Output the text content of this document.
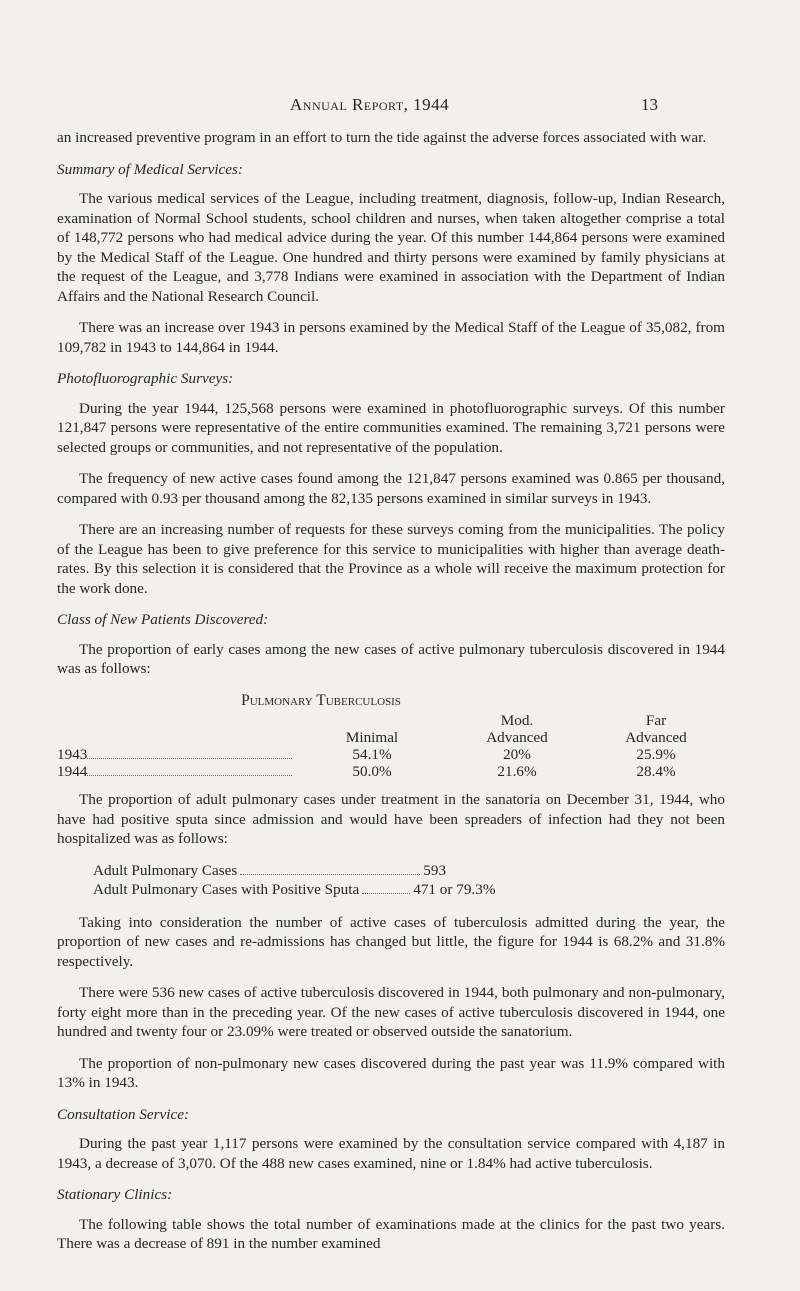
Annual Report, 1944	13

an increased preventive program in an effort to turn the tide against the adverse forces associated with war.

Summary of Medical Services:

The various medical services of the League, including treatment, diagnosis, follow-up, Indian Research, examination of Normal School students, school children and nurses, when taken altogether comprise a total of 148,772 persons who had medical advice during the year. Of this number 144,864 persons were examined by the Medical Staff of the League. One hundred and thirty persons were examined by family physicians at the request of the League, and 3,778 Indians were examined in association with the Department of Indian Affairs and the National Research Council.

There was an increase over 1943 in persons examined by the Medical Staff of the League of 35,082, from 109,782 in 1943 to 144,864 in 1944.

Photofluorographic Surveys:

During the year 1944, 125,568 persons were examined in photofluorographic surveys. Of this number 121,847 persons were representative of the entire communities examined. The remaining 3,721 persons were selected groups or communities, and not representative of the population.

The frequency of new active cases found among the 121,847 persons examined was 0.865 per thousand, compared with 0.93 per thousand among the 82,135 persons examined in similar surveys in 1943.

There are an increasing number of requests for these surveys coming from the municipalities. The policy of the League has been to give preference for this service to municipalities with higher than average death-rates. By this selection it is considered that the Province as a whole will receive the maximum protection for the work done.

Class of New Patients Discovered:

The proportion of early cases among the new cases of active pulmonary tuberculosis discovered in 1944 was as follows:

Pulmonary Tuberculosis
		Mod.	Far
	Minimal	Advanced	Advanced
1943	54.1%	20%	25.9%
1944	50.0%	21.6%	28.4%

The proportion of adult pulmonary cases under treatment in the sanatoria on December 31, 1944, who have had positive sputa since admission and would have been spreaders of infection had they not been hospitalized was as follows:

Adult Pulmonary Cases	593
Adult Pulmonary Cases with Positive Sputa	471 or 79.3%

Taking into consideration the number of active cases of tuberculosis admitted during the year, the proportion of new cases and re-admissions has changed but little, the figure for 1944 is 68.2% and 31.8% respectively.

There were 536 new cases of active tuberculosis discovered in 1944, both pulmonary and non-pulmonary, forty eight more than in the preceding year. Of the new cases of active tuberculosis discovered in 1944, one hundred and twenty four or 23.09% were treated or observed outside the sanatorium.

The proportion of non-pulmonary new cases discovered during the past year was 11.9% compared with 13% in 1943.

Consultation Service:

During the past year 1,117 persons were examined by the consultation service compared with 4,187 in 1943, a decrease of 3,070. Of the 488 new cases examined, nine or 1.84% had active tuberculosis.

Stationary Clinics:

The following table shows the total number of examinations made at the clinics for the past two years. There was a decrease of 891 in the number examined
